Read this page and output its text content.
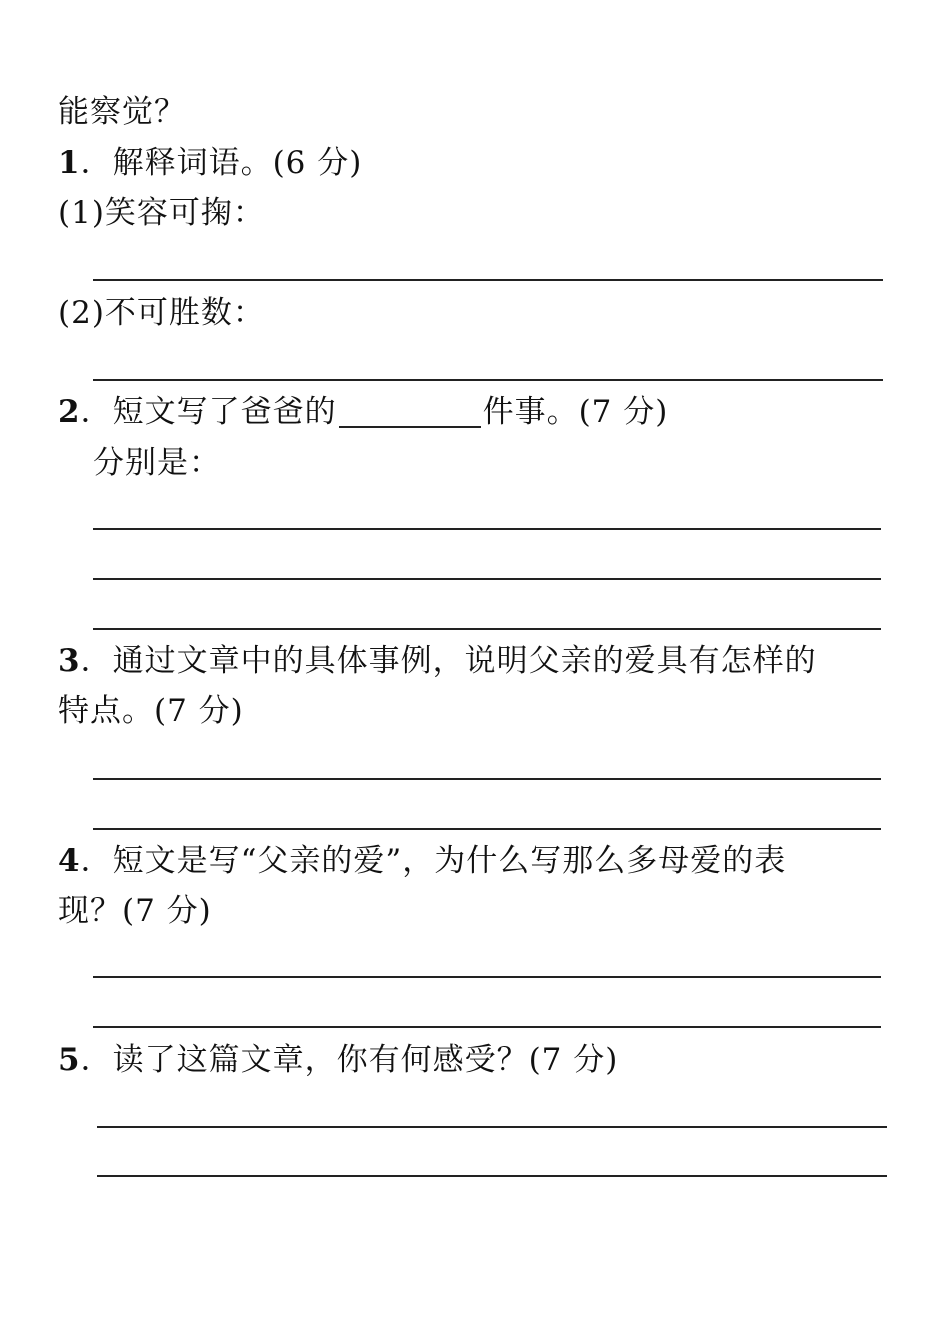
能察觉？
1．解释词语。(6 分)
(1)笑容可掬：
(2)不可胜数：
2．短文写了爸爸的	件事。(7 分)
分别是：
3．通过文章中的具体事例，说明父亲的爱具有怎样的
特点。(7 分)
4．短文是写“父亲的爱”，为什么写那么多母爱的表
现？(7 分)
5．读了这篇文章，你有何感受？(7 分)
